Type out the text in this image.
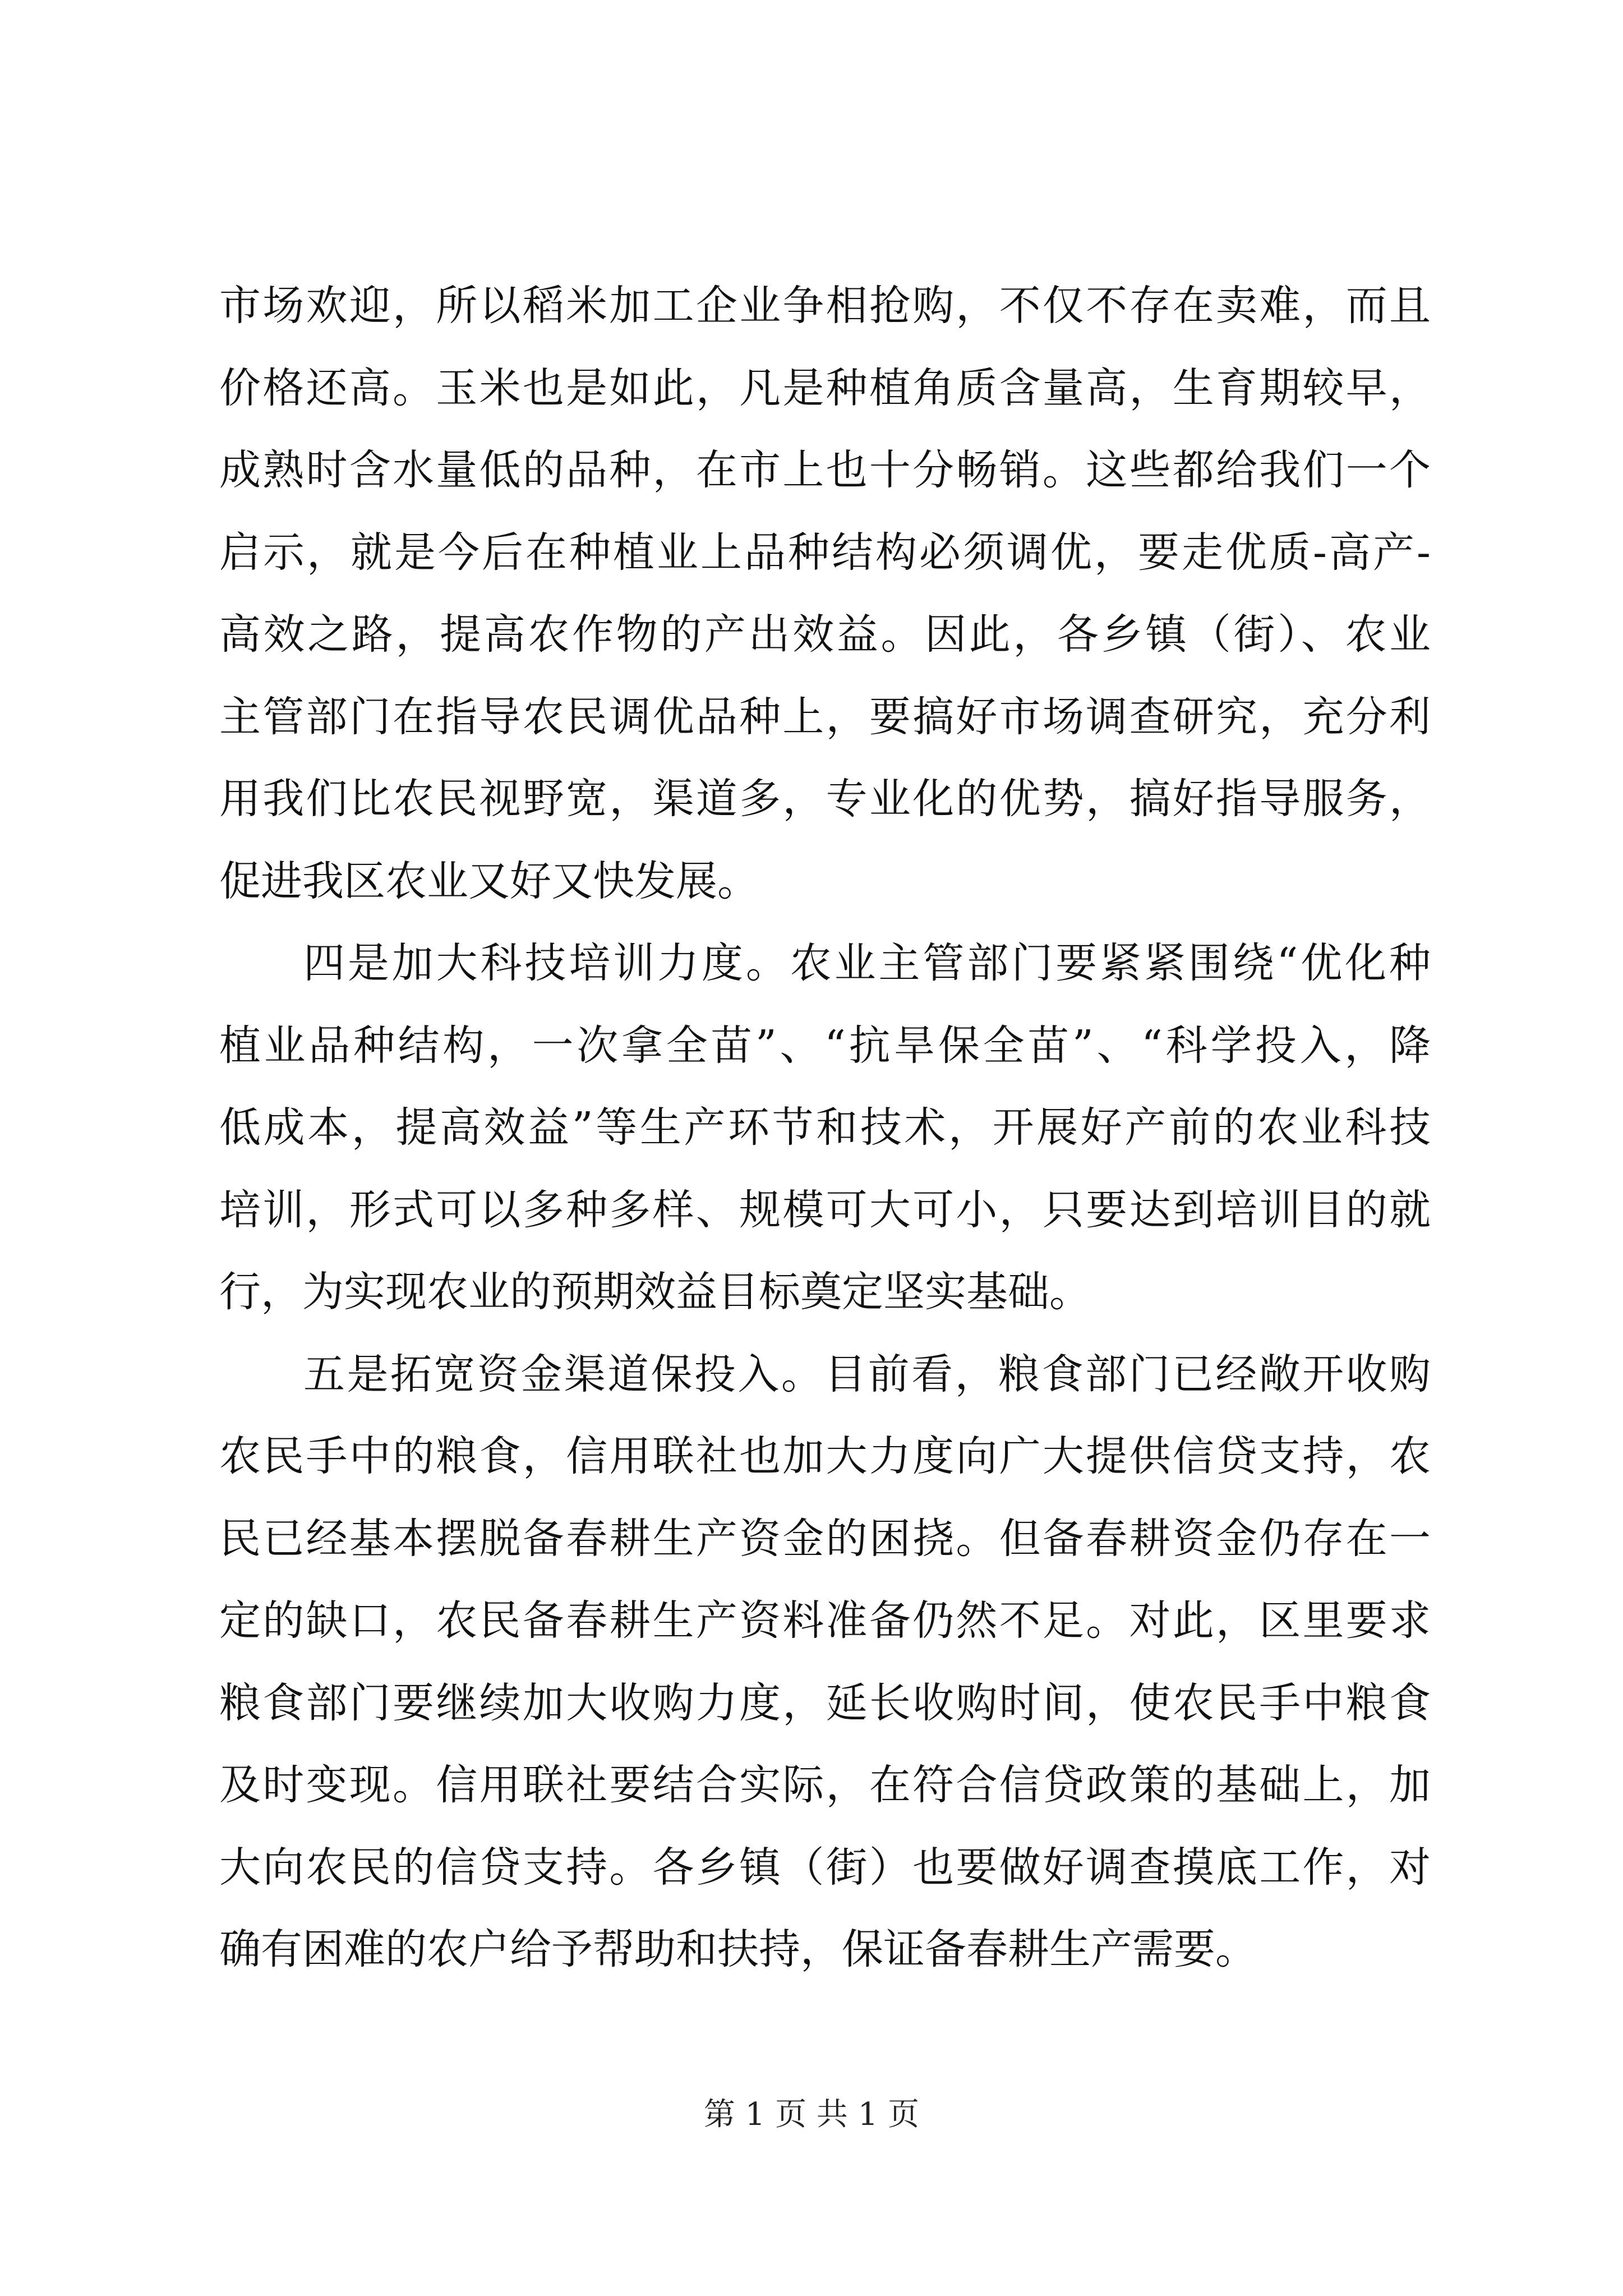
市场欢迎，所以稻米加工企业争相抢购，不仅不存在卖难，而且
价格还高。玉米也是如此，凡是种植角质含量高，生育期较早，
成熟时含水量低的品种，在市上也十分畅销。这些都给我们一个
启示，就是今后在种植业上品种结构必须调优，要走优质-高产-
高效之路，提高农作物的产出效益。因此，各乡镇（街）、农业
主管部门在指导农民调优品种上，要搞好市场调查研究，充分利
用我们比农民视野宽，渠道多，专业化的优势，搞好指导服务，
促进我区农业又好又快发展。
四是加大科技培训力度。农业主管部门要紧紧围绕“优化种
植业品种结构，一次拿全苗”、“抗旱保全苗”、“科学投入，降
低成本，提高效益”等生产环节和技术，开展好产前的农业科技
培训，形式可以多种多样、规模可大可小，只要达到培训目的就
行，为实现农业的预期效益目标奠定坚实基础。
五是拓宽资金渠道保投入。目前看，粮食部门已经敞开收购
农民手中的粮食，信用联社也加大力度向广大提供信贷支持，农
民已经基本摆脱备春耕生产资金的困挠。但备春耕资金仍存在一
定的缺口，农民备春耕生产资料准备仍然不足。对此，区里要求
粮食部门要继续加大收购力度，延长收购时间，使农民手中粮食
及时变现。信用联社要结合实际，在符合信贷政策的基础上，加
大向农民的信贷支持。各乡镇（街）也要做好调查摸底工作，对
确有困难的农户给予帮助和扶持，保证备春耕生产需要。
第 1 页 共 1 页
